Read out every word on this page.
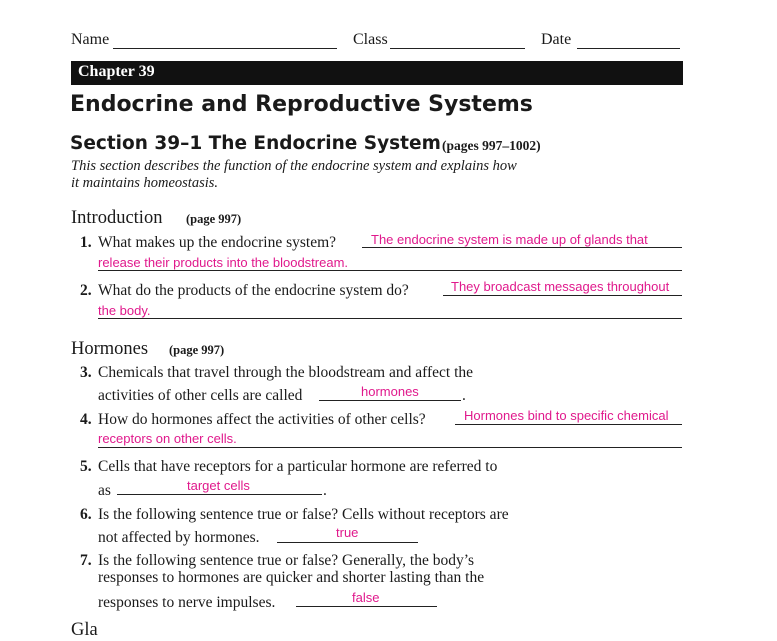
Name	Class	Date
Chapter 39
Endocrine and Reproductive Systems
Section 39–1 The Endocrine System (pages 997–1002)
This section describes the function of the endocrine system and explains how
it maintains homeostasis.
Introduction (page 997)
1. What makes up the endocrine system?	The endocrine system is made up of glands that
release their products into the bloodstream.
2. What do the products of the endocrine system do?	They broadcast messages throughout
the body.
Hormones (page 997)
3. Chemicals that travel through the bloodstream and affect the
activities of other cells are called	hormones	.
4. How do hormones affect the activities of other cells?	Hormones bind to specific chemical
receptors on other cells.
5. Cells that have receptors for a particular hormone are referred to
as	target cells	.
6. Is the following sentence true or false? Cells without receptors are
not affected by hormones.	true
7. Is the following sentence true or false? Generally, the body’s
responses to hormones are quicker and shorter lasting than the
responses to nerve impulses.	false
Gla
